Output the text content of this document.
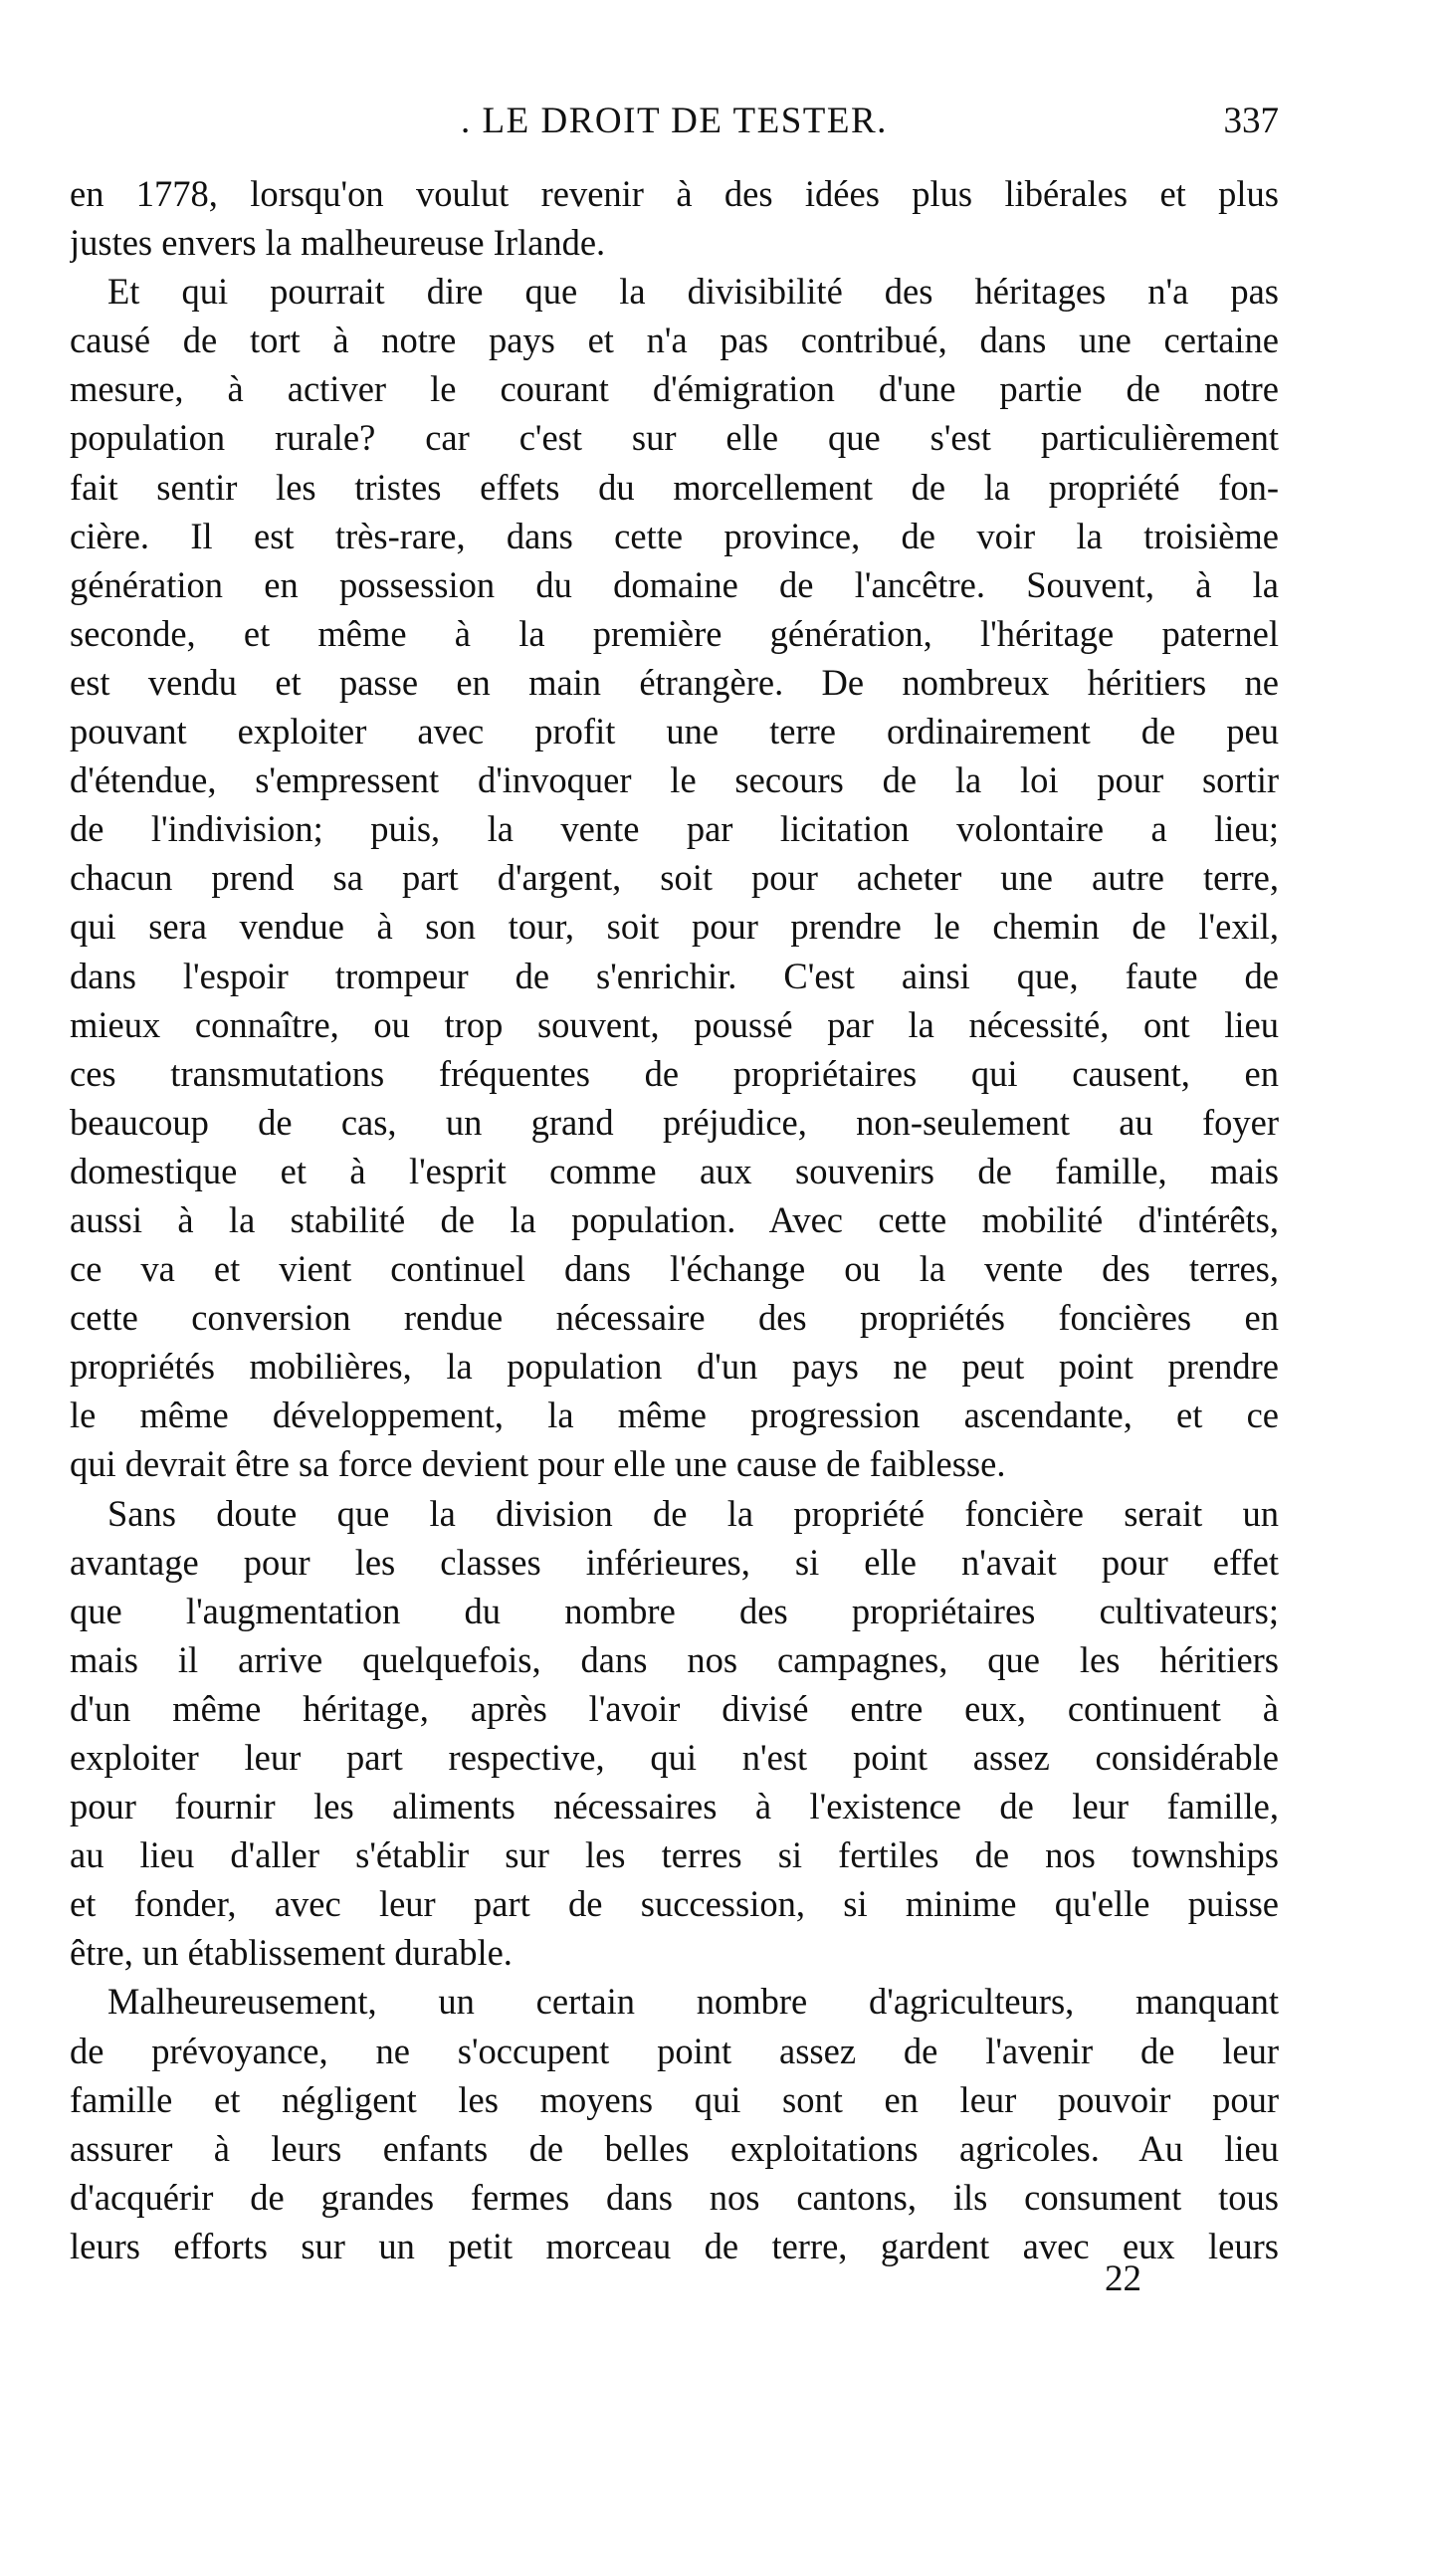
. LE DROIT DE TESTER.	337
en 1778, lorsqu'on voulut revenir à des idées plus libérales et plus
justes envers la malheureuse Irlande.
Et qui pourrait dire que la divisibilité des héritages n'a pas
causé de tort à notre pays et n'a pas contribué, dans une certaine
mesure, à activer le courant d'émigration d'une partie de notre
population rurale? car c'est sur elle que s'est particulièrement
fait sentir les tristes effets du morcellement de la propriété fon-
cière. Il est très-rare, dans cette province, de voir la troisième
génération en possession du domaine de l'ancêtre. Souvent, à la
seconde, et même à la première génération, l'héritage paternel
est vendu et passe en main étrangère. De nombreux héritiers ne
pouvant exploiter avec profit une terre ordinairement de peu
d'étendue, s'empressent d'invoquer le secours de la loi pour sortir
de l'indivision; puis, la vente par licitation volontaire a lieu;
chacun prend sa part d'argent, soit pour acheter une autre terre,
qui sera vendue à son tour, soit pour prendre le chemin de l'exil,
dans l'espoir trompeur de s'enrichir. C'est ainsi que, faute de
mieux connaître, ou trop souvent, poussé par la nécessité, ont lieu
ces transmutations fréquentes de propriétaires qui causent, en
beaucoup de cas, un grand préjudice, non-seulement au foyer
domestique et à l'esprit comme aux souvenirs de famille, mais
aussi à la stabilité de la population. Avec cette mobilité d'intérêts,
ce va et vient continuel dans l'échange ou la vente des terres,
cette conversion rendue nécessaire des propriétés foncières en
propriétés mobilières, la population d'un pays ne peut point prendre
le même développement, la même progression ascendante, et ce
qui devrait être sa force devient pour elle une cause de faiblesse.
Sans doute que la division de la propriété foncière serait un
avantage pour les classes inférieures, si elle n'avait pour effet
que l'augmentation du nombre des propriétaires cultivateurs;
mais il arrive quelquefois, dans nos campagnes, que les héritiers
d'un même héritage, après l'avoir divisé entre eux, continuent à
exploiter leur part respective, qui n'est point assez considérable
pour fournir les aliments nécessaires à l'existence de leur famille,
au lieu d'aller s'établir sur les terres si fertiles de nos townships
et fonder, avec leur part de succession, si minime qu'elle puisse
être, un établissement durable.
Malheureusement, un certain nombre d'agriculteurs, manquant
de prévoyance, ne s'occupent point assez de l'avenir de leur
famille et négligent les moyens qui sont en leur pouvoir pour
assurer à leurs enfants de belles exploitations agricoles. Au lieu
d'acquérir de grandes fermes dans nos cantons, ils consument tous
leurs efforts sur un petit morceau de terre, gardent avec eux leurs
22
